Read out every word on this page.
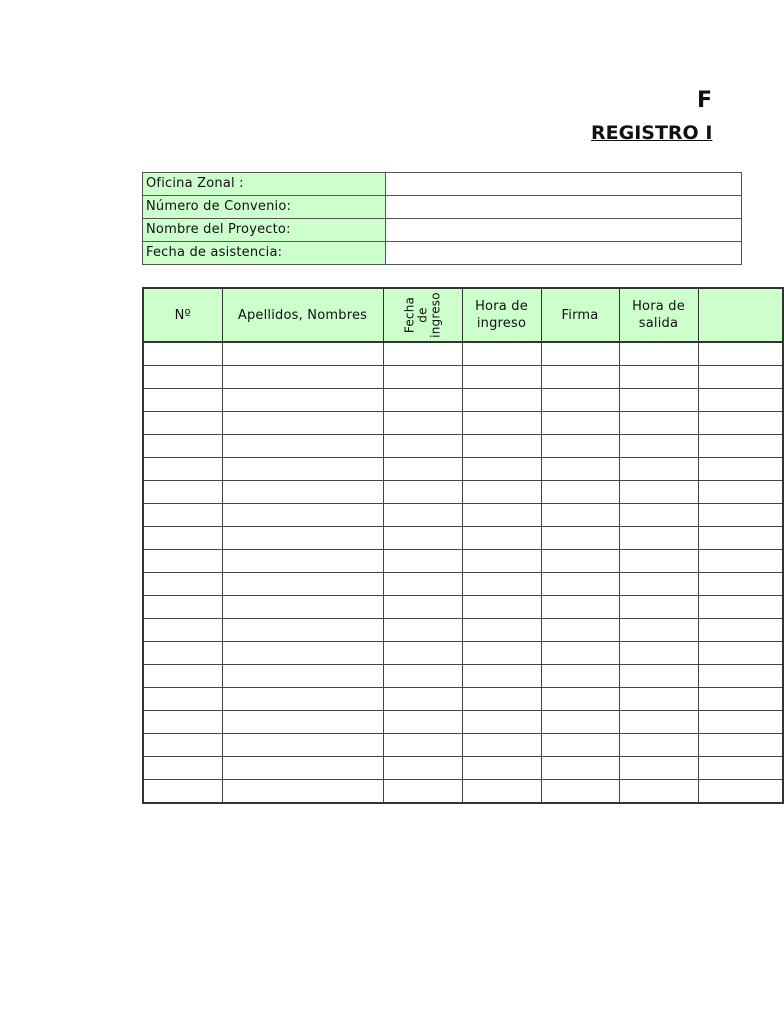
F
REGISTRO I
Oficina Zonal :	
Número de Convenio:	
Nombre del Proyecto:	
Fecha de asistencia:	
Nº	Apellidos, Nombres	Fecha de ingreso	Hora de ingreso	Firma	Hora de salida	
